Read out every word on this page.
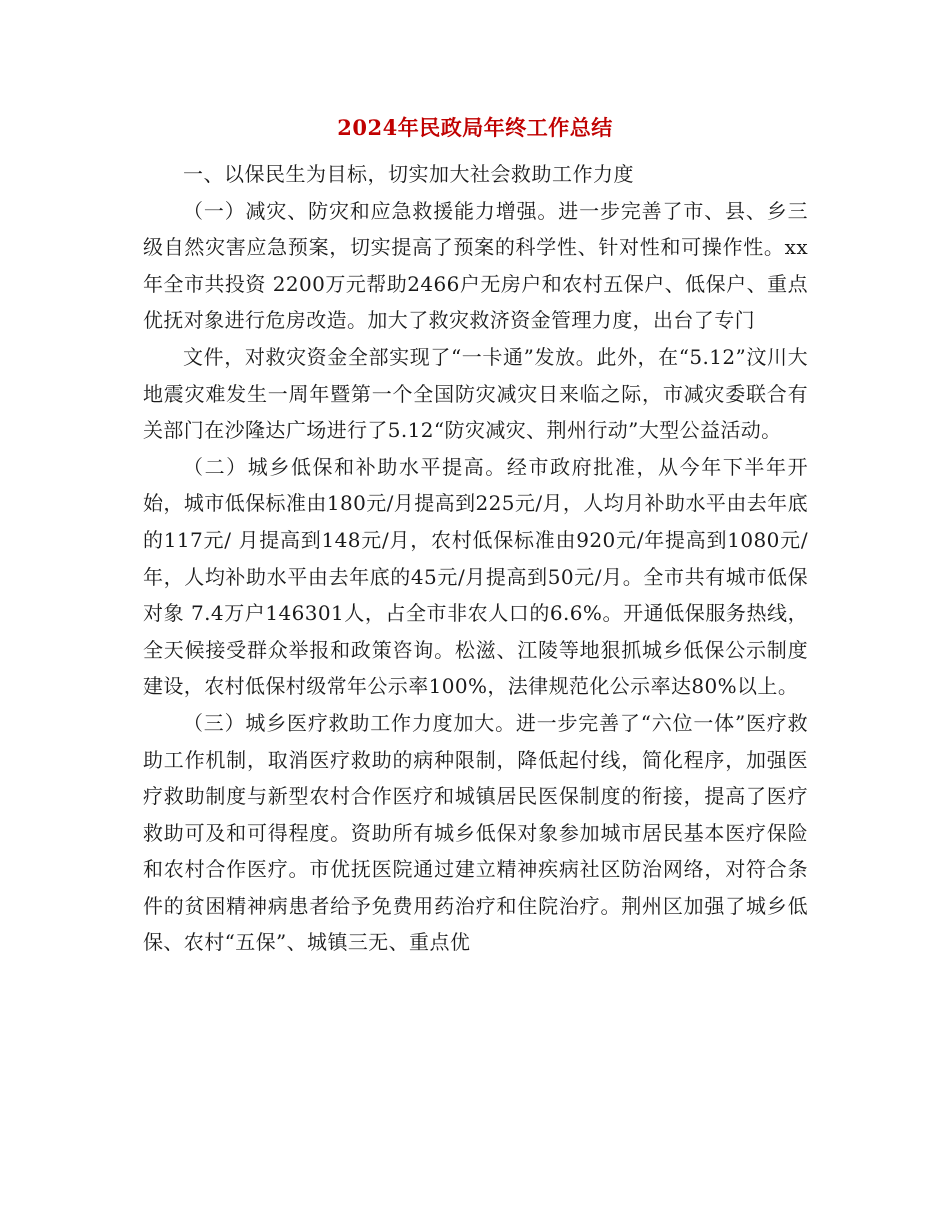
2024年民政局年终工作总结

一、以保民生为目标，切实加大社会救助工作力度

（一）减灾、防灾和应急救援能力增强。进一步完善了市、县、乡三级自然灾害应急预案，切实提高了预案的科学性、针对性和可操作性。xx年全市共投资 2200万元帮助2466户无房户和农村五保户、低保户、重点优抚对象进行危房改造。加大了救灾救济资金管理力度，出台了专门

文件，对救灾资金全部实现了“一卡通”发放。此外，在“5.12”汶川大地震灾难发生一周年暨第一个全国防灾减灾日来临之际，市减灾委联合有关部门在沙隆达广场进行了5.12“防灾减灾、荆州行动”大型公益活动。

（二）城乡低保和补助水平提高。经市政府批准，从今年下半年开始，城市低保标准由180元/月提高到225元/月，人均月补助水平由去年底的117元/ 月提高到148元/月，农村低保标准由920元/年提高到1080元/年，人均补助水平由去年底的45元/月提高到50元/月。全市共有城市低保对象 7.4万户146301人，占全市非农人口的6.6%。开通低保服务热线，全天候接受群众举报和政策咨询。松滋、江陵等地狠抓城乡低保公示制度建设，农村低保村级常年公示率100%，法律规范化公示率达80%以上。

（三）城乡医疗救助工作力度加大。进一步完善了“六位一体”医疗救助工作机制，取消医疗救助的病种限制，降低起付线，简化程序，加强医疗救助制度与新型农村合作医疗和城镇居民医保制度的衔接，提高了医疗救助可及和可得程度。资助所有城乡低保对象参加城市居民基本医疗保险和农村合作医疗。市优抚医院通过建立精神疾病社区防治网络，对符合条件的贫困精神病患者给予免费用药治疗和住院治疗。荆州区加强了城乡低保、农村“五保”、城镇三无、重点优
